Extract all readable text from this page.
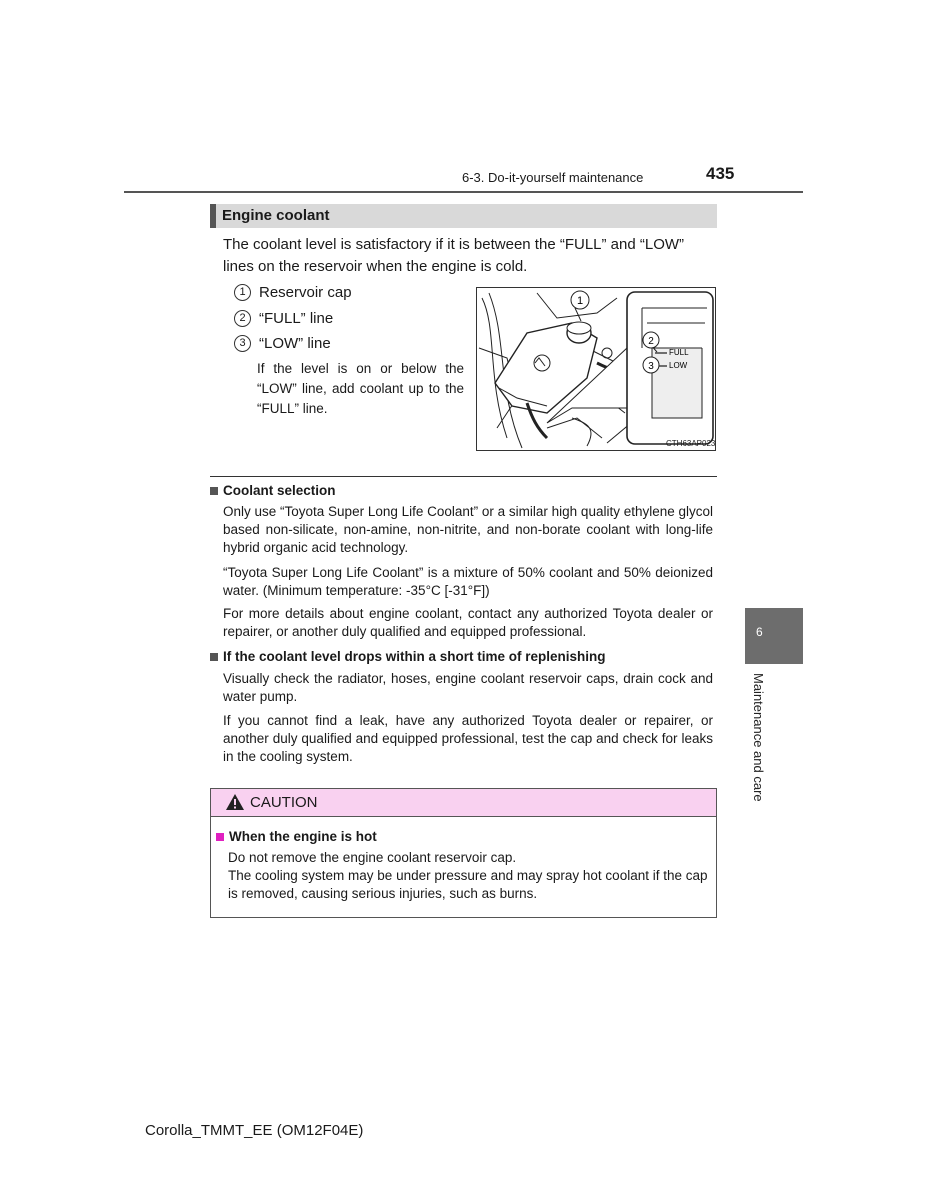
6-3. Do-it-yourself maintenance	435
Engine coolant
The coolant level is satisfactory if it is between the “FULL” and “LOW” lines on the reservoir when the engine is cold.
1 Reservoir cap
2 “FULL” line
3 “LOW” line
If the level is on or below the “LOW” line, add coolant up to the “FULL” line.
1
2
3
FULL
LOW
CTH63AP023
Coolant selection
Only use “Toyota Super Long Life Coolant” or a similar high quality ethylene glycol based non-silicate, non-amine, non-nitrite, and non-borate coolant with long-life hybrid organic acid technology.
“Toyota Super Long Life Coolant” is a mixture of 50% coolant and 50% deionized water. (Minimum temperature: -35°C [-31°F])
For more details about engine coolant, contact any authorized Toyota dealer or repairer, or another duly qualified and equipped professional.
If the coolant level drops within a short time of replenishing
Visually check the radiator, hoses, engine coolant reservoir caps, drain cock and water pump.
If you cannot find a leak, have any authorized Toyota dealer or repairer, or another duly qualified and equipped professional, test the cap and check for leaks in the cooling system.
CAUTION
When the engine is hot
Do not remove the engine coolant reservoir cap.
The cooling system may be under pressure and may spray hot coolant if the cap is removed, causing serious injuries, such as burns.
6
Maintenance and care
Corolla_TMMT_EE (OM12F04E)
